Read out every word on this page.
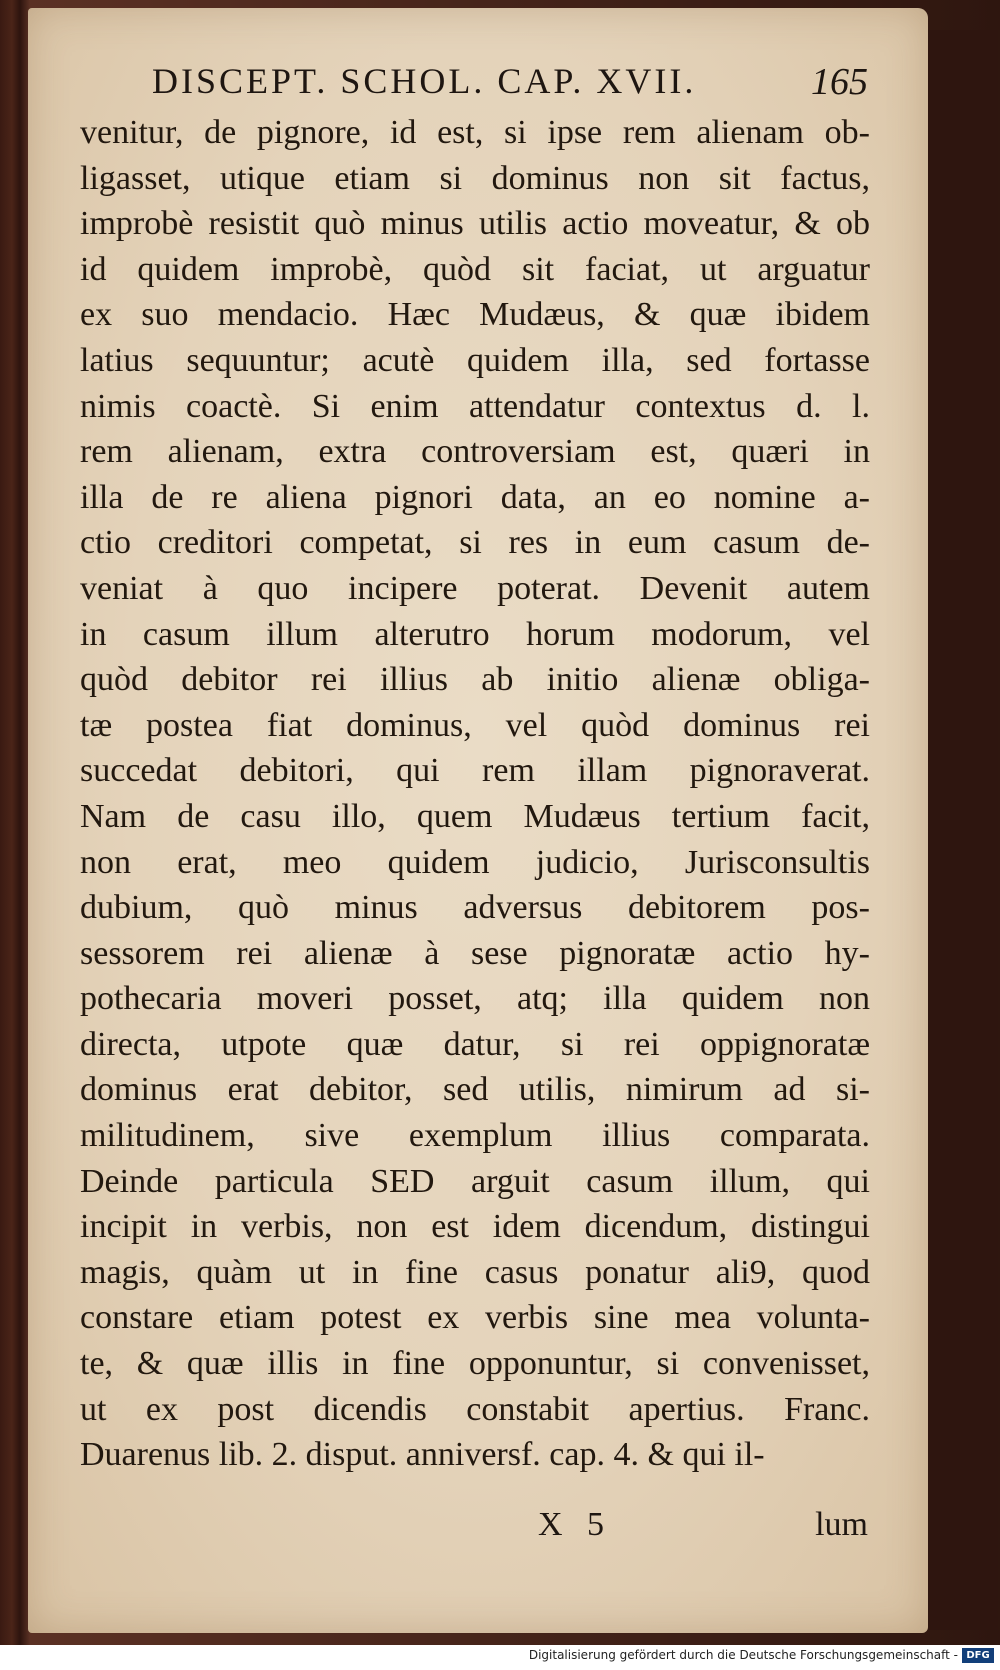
DISCEPT. SCHOL. CAP. XVII.	165
venitur, de pignore, id est, si ipse rem alienam ob-
ligasset, utique etiam si dominus non sit factus,
improbè resistit quò minus utilis actio moveatur, & ob
id quidem improbè, quòd sit faciat, ut arguatur
ex suo mendacio. Hæc Mudæus, & quæ ibidem
latius sequuntur; acutè quidem illa, sed fortasse
nimis coactè. Si enim attendatur contextus d. l.
rem alienam, extra controversiam est, quæri in
illa de re aliena pignori data, an eo nomine a-
ctio creditori competat, si res in eum casum de-
veniat à quo incipere poterat. Devenit autem
in casum illum alterutro horum modorum, vel
quòd debitor rei illius ab initio alienæ obliga-
tæ postea fiat dominus, vel quòd dominus rei
succedat debitori, qui rem illam pignoraverat.
Nam de casu illo, quem Mudæus tertium facit,
non erat, meo quidem judicio, Jurisconsultis
dubium, quò minus adversus debitorem pos-
sessorem rei alienæ à sese pignoratæ actio hy-
pothecaria moveri posset, atq; illa quidem non
directa, utpote quæ datur, si rei oppignoratæ
dominus erat debitor, sed utilis, nimirum ad si-
militudinem, sive exemplum illius comparata.
Deinde particula SED arguit casum illum, qui
incipit in verbis, non est idem dicendum, distingui
magis, quàm ut in fine casus ponatur ali9, quod
constare etiam potest ex verbis sine mea volunta-
te, & quæ illis in fine opponuntur, si convenisset,
ut ex post dicendis constabit apertius. Franc.
Duarenus lib. 2. disput. anniversf. cap. 4. & qui il-
X 5	lum
Digitalisierung gefördert durch die Deutsche Forschungsgemeinschaft - DFG
